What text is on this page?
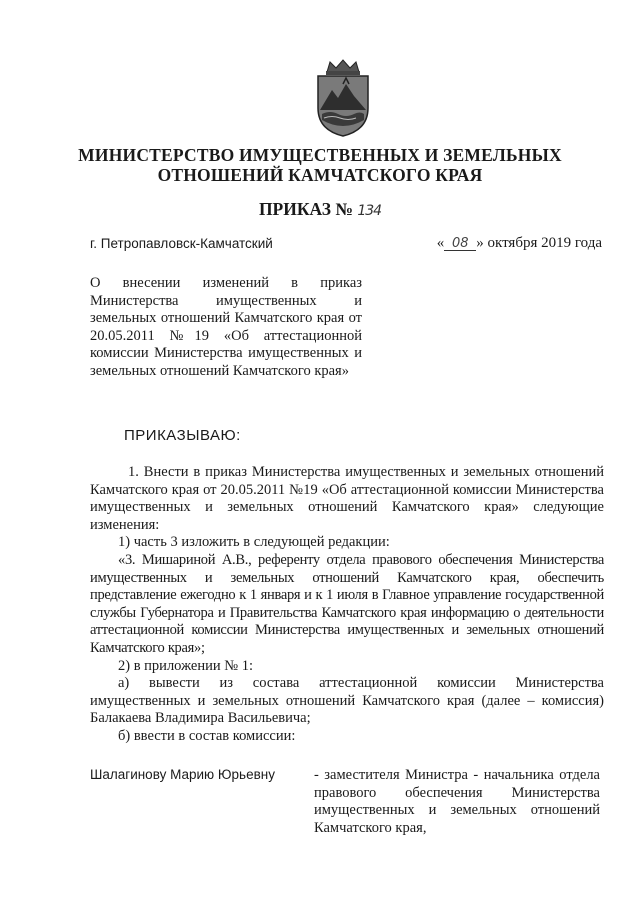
МИНИСТЕРСТВО ИМУЩЕСТВЕННЫХ И ЗЕМЕЛЬНЫХ
ОТНОШЕНИЙ КАМЧАТСКОГО КРАЯ
ПРИКАЗ № 134
г. Петропавловск-Камчатский	« 08 » октября 2019 года
О внесении изменений в приказ Министерства имущественных и земельных отношений Камчатского края от 20.05.2011 №19 «Об аттестационной комиссии Министерства имущественных и земельных отношений Камчатского края»
ПРИКАЗЫВАЮ:

1. Внести в приказ Министерства имущественных и земельных отношений Камчатского края от 20.05.2011 №19 «Об аттестационной комиссии Министерства имущественных и земельных отношений Камчатского края» следующие изменения:

1) часть 3 изложить в следующей редакции:

«3. Мишариной А.В., референту отдела правового обеспечения Министерства имущественных и земельных отношений Камчатского края, обеспечить представление ежегодно к 1 января и к 1 июля в Главное управление государственной службы Губернатора и Правительства Камчатского края информацию о деятельности аттестационной комиссии Министерства имущественных и земельных отношений Камчатского края»;

2) в приложении № 1:

а) вывести из состава аттестационной комиссии Министерства имущественных и земельных отношений Камчатского края (далее – комиссия) Балакаева Владимира Васильевича;

б) ввести в состав комиссии:

Шалагинову Марию Юрьевну	- заместителя Министра - начальника отдела правового обеспечения Министерства имущественных и земельных отношений Камчатского края,
